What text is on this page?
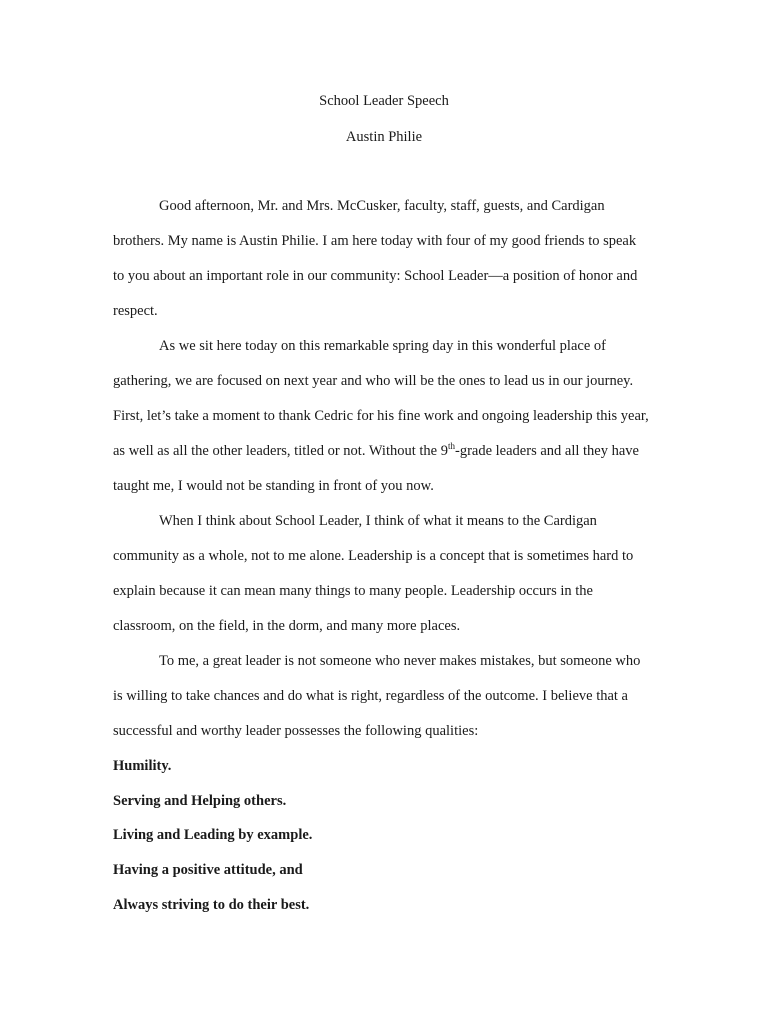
School Leader Speech
Austin Philie
Good afternoon, Mr. and Mrs. McCusker, faculty, staff, guests, and Cardigan
brothers. My name is Austin Philie. I am here today with four of my good friends to speak
to you about an important role in our community: School Leader—a position of honor and
respect.
As we sit here today on this remarkable spring day in this wonderful place of
gathering, we are focused on next year and who will be the ones to lead us in our journey.
First, let’s take a moment to thank Cedric for his fine work and ongoing leadership this year,
as well as all the other leaders, titled or not. Without the 9th-grade leaders and all they have
taught me, I would not be standing in front of you now.
When I think about School Leader, I think of what it means to the Cardigan
community as a whole, not to me alone. Leadership is a concept that is sometimes hard to
explain because it can mean many things to many people. Leadership occurs in the
classroom, on the field, in the dorm, and many more places.
To me, a great leader is not someone who never makes mistakes, but someone who
is willing to take chances and do what is right, regardless of the outcome. I believe that a
successful and worthy leader possesses the following qualities:
Humility.
Serving and Helping others.
Living and Leading by example.
Having a positive attitude, and
Always striving to do their best.
